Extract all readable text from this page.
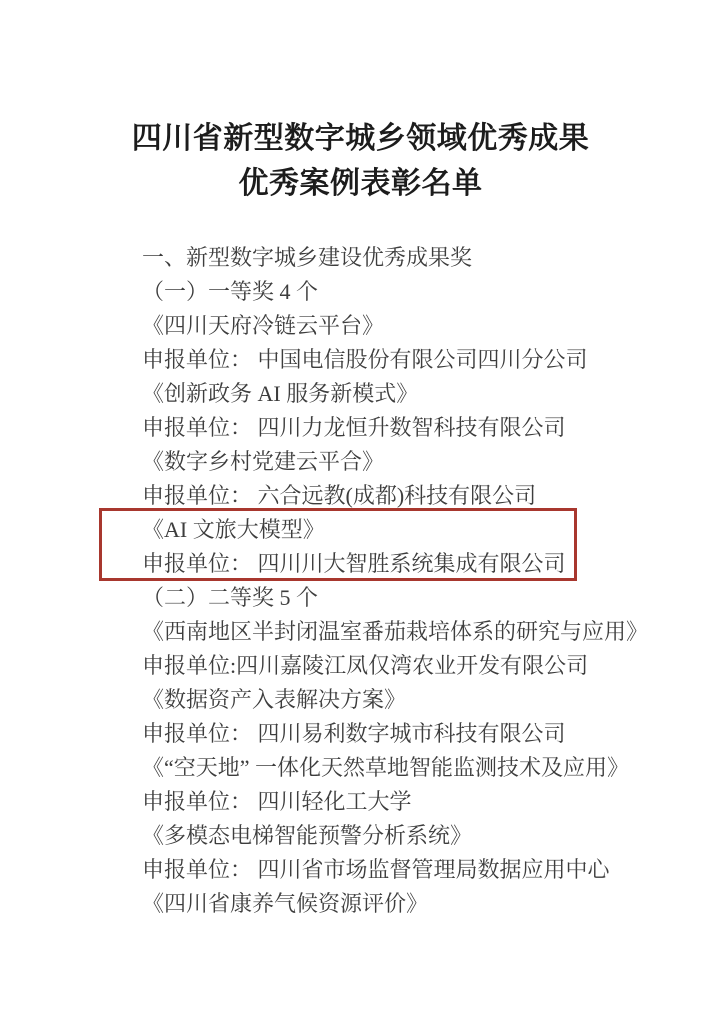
四川省新型数字城乡领域优秀成果
优秀案例表彰名单

一、新型数字城乡建设优秀成果奖

（一）一等奖 4 个

《四川天府冷链云平台》

申报单位： 中国电信股份有限公司四川分公司

《创新政务 AI 服务新模式》

申报单位： 四川力龙恒升数智科技有限公司

《数字乡村党建云平合》

申报单位： 六合远教(成都)科技有限公司

《AI 文旅大模型》

申报单位： 四川川大智胜系统集成有限公司

（二）二等奖 5 个

《西南地区半封闭温室番茄栽培体系的研究与应用》

申报单位:四川嘉陵江凤仅湾农业开发有限公司

《数据资产入表解决方案》

申报单位： 四川易利数字城市科技有限公司

《“空天地” 一体化天然草地智能监测技术及应用》

申报单位： 四川轻化工大学

《多模态电梯智能预警分析系统》

申报单位： 四川省市场监督管理局数据应用中心

《四川省康养气候资源评价》
